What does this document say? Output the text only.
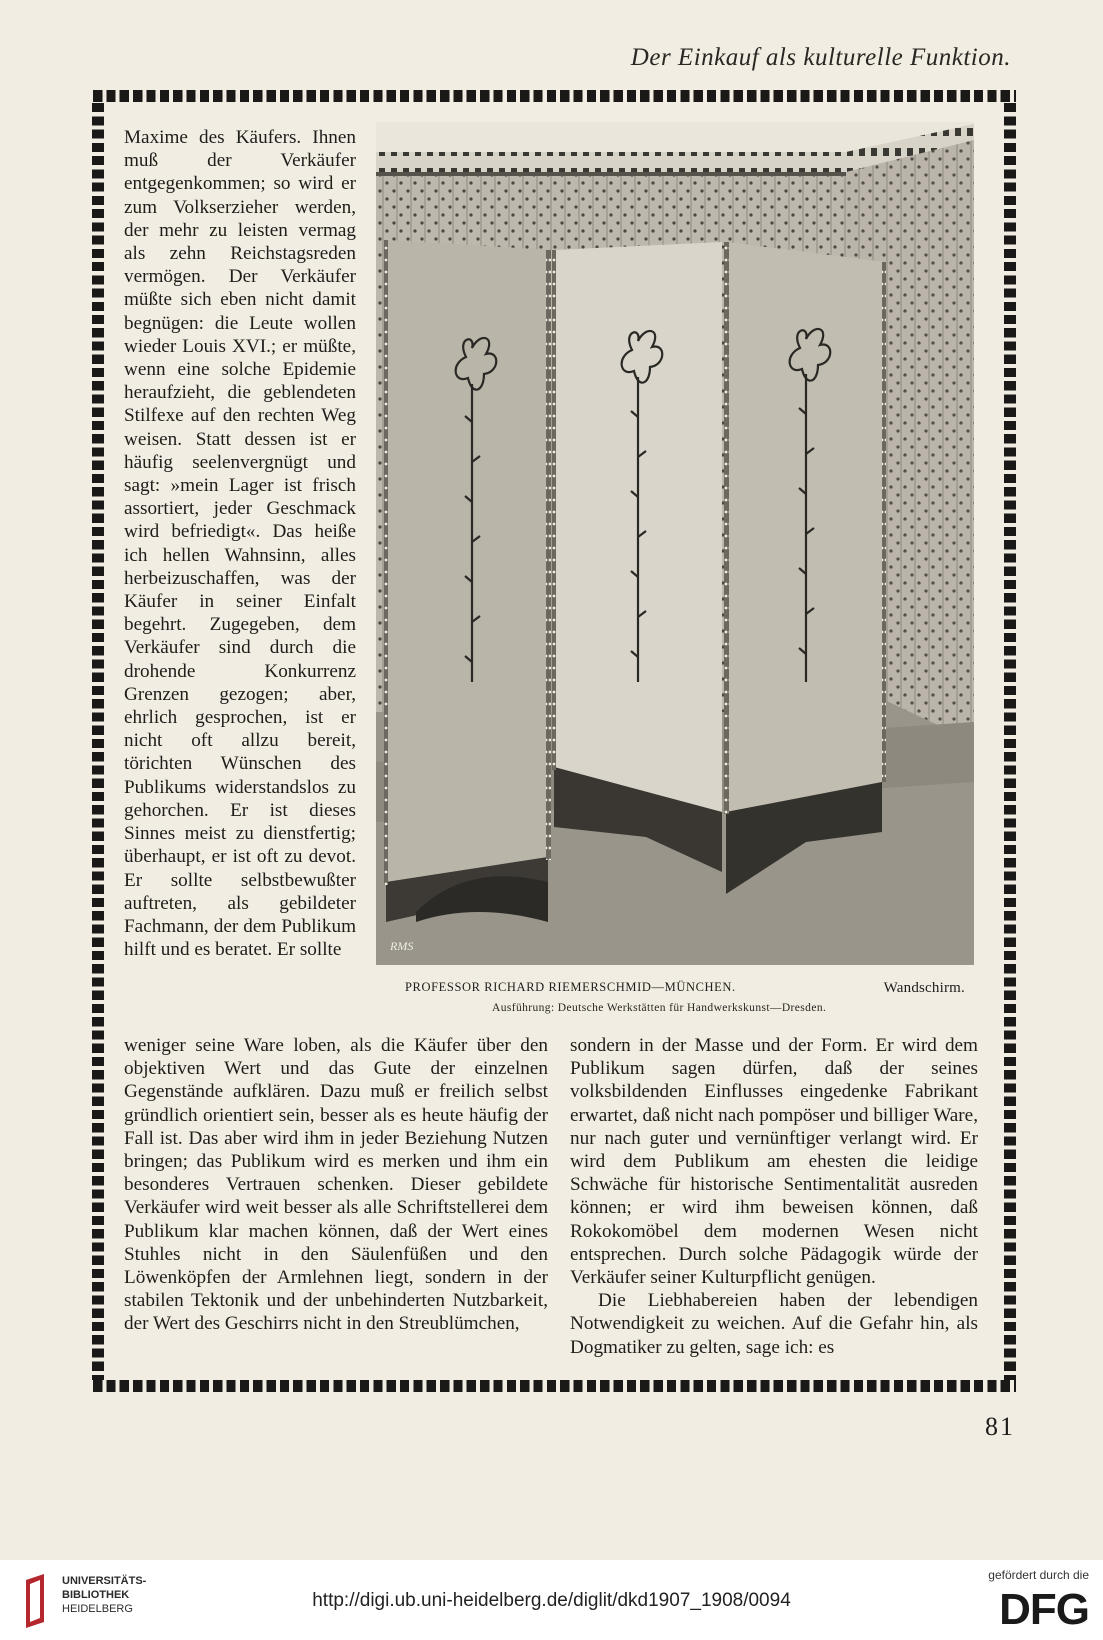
Der Einkauf als kulturelle Funktion.

Maxime des Käufers. Ihnen muß der Verkäufer entgegenkommen; so wird er zum Volkserzieher werden, der mehr zu leisten vermag als zehn Reichstagsreden vermögen. Der Verkäufer müßte sich eben nicht damit begnügen: die Leute wollen wieder Louis XVI.; er müßte, wenn eine solche Epidemie heraufzieht, die geblendeten Stilfexe auf den rechten Weg weisen. Statt dessen ist er häufig seelenvergnügt und sagt: »mein Lager ist frisch assortiert, jeder Geschmack wird befriedigt«. Das heiße ich hellen Wahnsinn, alles herbeizuschaffen, was der Käufer in seiner Einfalt begehrt. Zugegeben, dem Verkäufer sind durch die drohende Konkurrenz Grenzen gezogen; aber, ehrlich gesprochen, ist er nicht oft allzu bereit, törichten Wünschen des Publikums widerstandslos zu gehorchen. Er ist dieses Sinnes meist zu dienstfertig; überhaupt, er ist oft zu devot. Er sollte selbstbewußter auftreten, als gebildeter Fachmann, der dem Publikum hilft und es beratet. Er sollte	RMS
PROFESSOR RICHARD RIEMERSCHMID—MÜNCHEN.	Wandschirm.
Ausführung: Deutsche Werkstätten für Handwerkskunst—Dresden.

weniger seine Ware loben, als die Käufer über den objektiven Wert und das Gute der einzelnen Gegenstände aufklären. Dazu muß er freilich selbst gründlich orientiert sein, besser als es heute häufig der Fall ist. Das aber wird ihm in jeder Beziehung Nutzen bringen; das Publikum wird es merken und ihm ein besonderes Vertrauen schenken. Dieser gebildete Verkäufer wird weit besser als alle Schriftstellerei dem Publikum klar machen können, daß der Wert eines Stuhles nicht in den Säulenfüßen und den Löwenköpfen der Armlehnen liegt, sondern in der stabilen Tektonik und der unbehinderten Nutzbarkeit, der Wert des Geschirrs nicht in den Streublümchen,

sondern in der Masse und der Form. Er wird dem Publikum sagen dürfen, daß der seines volksbildenden Einflusses eingedenke Fabrikant erwartet, daß nicht nach pompöser und billiger Ware, nur nach guter und vernünftiger verlangt wird. Er wird dem Publikum am ehesten die leidige Schwäche für historische Sentimentalität ausreden können; er wird ihm beweisen können, daß Rokokomöbel dem modernen Wesen nicht entsprechen. Durch solche Pädagogik würde der Verkäufer seiner Kulturpflicht genügen.

Die Liebhabereien haben der lebendigen Notwendigkeit zu weichen. Auf die Gefahr hin, als Dogmatiker zu gelten, sage ich: es

81
UNIVERSITÄTS-
BIBLIOTHEK
HEIDELBERG	http://digi.ub.uni-heidelberg.de/diglit/dkd1907_1908/0094
gefördert durch die
DFG
